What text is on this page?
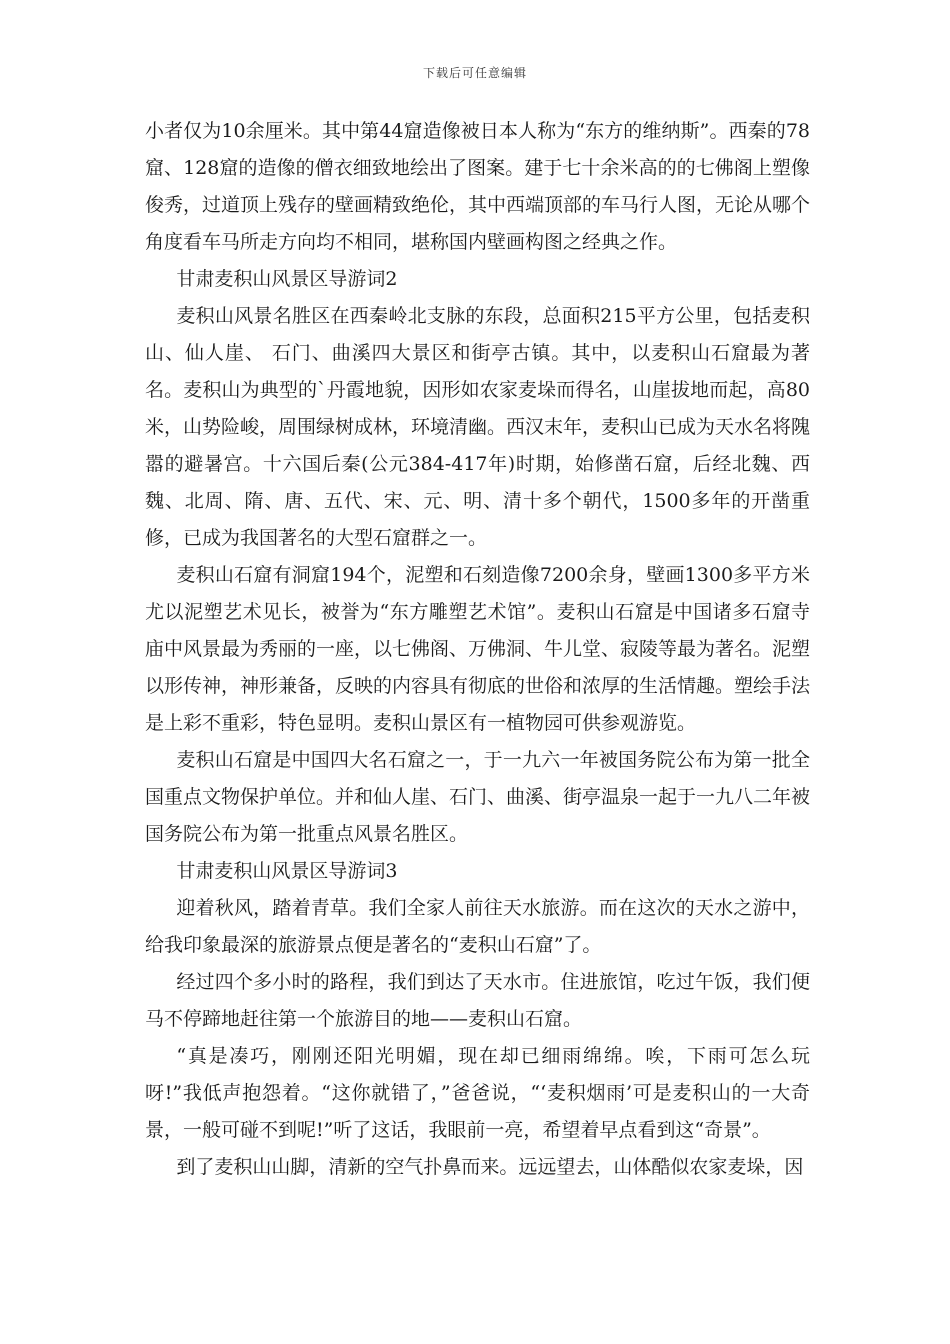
下载后可任意编辑

小者仅为10余厘米。其中第44窟造像被日本人称为“东方的维纳斯”。西秦的78窟、128窟的造像的僧衣细致地绘出了图案。建于七十余米高的的七佛阁上塑像俊秀，过道顶上残存的壁画精致绝伦，其中西端顶部的车马行人图，无论从哪个角度看车马所走方向均不相同，堪称国内壁画构图之经典之作。

甘肃麦积山风景区导游词2

麦积山风景名胜区在西秦岭北支脉的东段，总面积215平方公里，包括麦积山、仙人崖、 石门、曲溪四大景区和街亭古镇。其中，以麦积山石窟最为著名。麦积山为典型的`丹霞地貌，因形如农家麦垛而得名，山崖拔地而起，高80米，山势险峻，周围绿树成林，环境清幽。西汉末年，麦积山已成为天水名将隗嚣的避暑宫。十六国后秦(公元384-417年)时期，始修凿石窟，后经北魏、西魏、北周、隋、唐、五代、宋、元、明、清十多个朝代，1500多年的开凿重修，已成为我国著名的大型石窟群之一。

麦积山石窟有洞窟194个，泥塑和石刻造像7200余身，壁画1300多平方米尤以泥塑艺术见长，被誉为“东方雕塑艺术馆”。麦积山石窟是中国诸多石窟寺庙中风景最为秀丽的一座，以七佛阁、万佛洞、牛儿堂、寂陵等最为著名。泥塑以形传神，神形兼备，反映的内容具有彻底的世俗和浓厚的生活情趣。塑绘手法是上彩不重彩，特色显明。麦积山景区有一植物园可供参观游览。

麦积山石窟是中国四大名石窟之一，于一九六一年被国务院公布为第一批全国重点文物保护单位。并和仙人崖、石门、曲溪、街亭温泉一起于一九八二年被国务院公布为第一批重点风景名胜区。

甘肃麦积山风景区导游词3

迎着秋风，踏着青草。我们全家人前往天水旅游。而在这次的天水之游中，给我印象最深的旅游景点便是著名的“麦积山石窟”了。

经过四个多小时的路程，我们到达了天水市。住进旅馆，吃过午饭，我们便马不停蹄地赶往第一个旅游目的地——麦积山石窟。

“真是凑巧，刚刚还阳光明媚，现在却已细雨绵绵。唉，下雨可怎么玩呀!”我低声抱怨着。“这你就错了，”爸爸说，“‘麦积烟雨’可是麦积山的一大奇景，一般可碰不到呢!”听了这话，我眼前一亮，希望着早点看到这“奇景”。

到了麦积山山脚，清新的空气扑鼻而来。远远望去，山体酷似农家麦垛，因
